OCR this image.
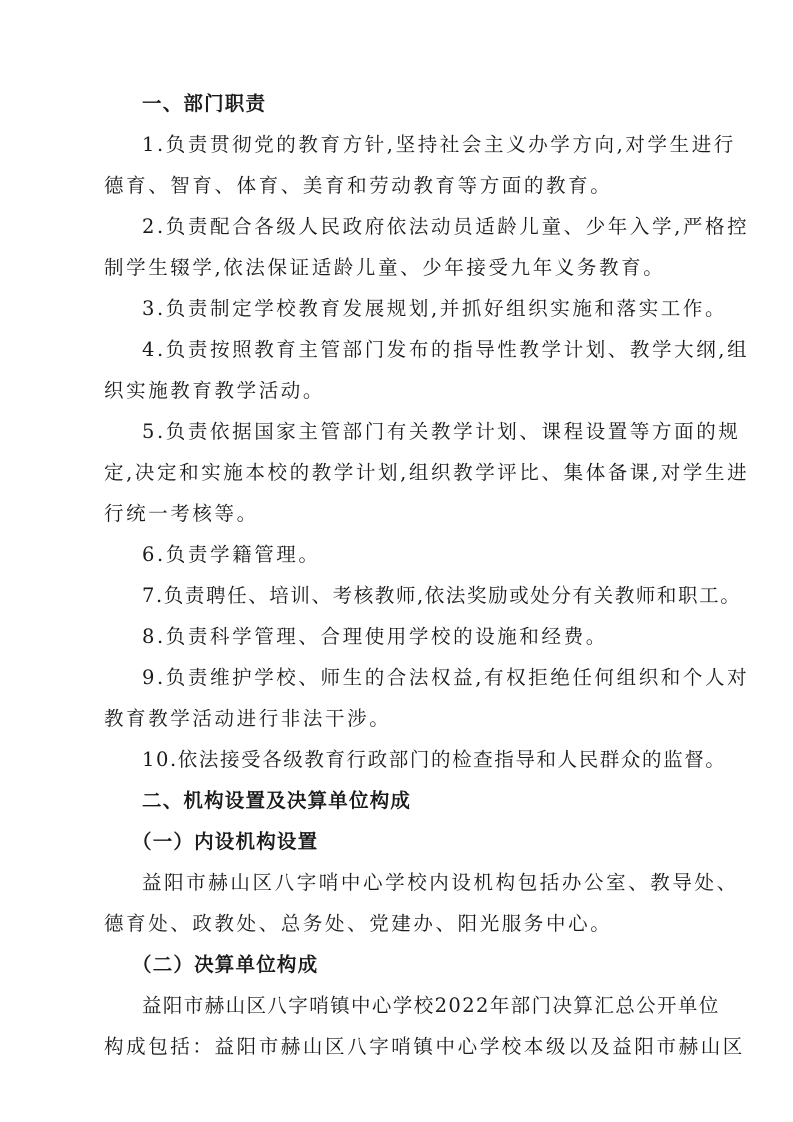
一、部门职责
1.负责贯彻党的教育方针,坚持社会主义办学方向,对学生进行
德育、智育、体育、美育和劳动教育等方面的教育。
2.负责配合各级人民政府依法动员适龄儿童、少年入学,严格控
制学生辍学,依法保证适龄儿童、少年接受九年义务教育。
3.负责制定学校教育发展规划,并抓好组织实施和落实工作。
4.负责按照教育主管部门发布的指导性教学计划、教学大纲,组
织实施教育教学活动。
5.负责依据国家主管部门有关教学计划、课程设置等方面的规
定,决定和实施本校的教学计划,组织教学评比、集体备课,对学生进
行统一考核等。
6.负责学籍管理。
7.负责聘任、培训、考核教师,依法奖励或处分有关教师和职工。
8.负责科学管理、合理使用学校的设施和经费。
9.负责维护学校、师生的合法权益,有权拒绝任何组织和个人对
教育教学活动进行非法干涉。
10.依法接受各级教育行政部门的检查指导和人民群众的监督。
二、机构设置及决算单位构成
（一）内设机构设置
益阳市赫山区八字哨中心学校内设机构包括办公室、教导处、
德育处、政教处、总务处、党建办、阳光服务中心。
（二）决算单位构成
益阳市赫山区八字哨镇中心学校2022年部门决算汇总公开单位
构成包括：益阳市赫山区八字哨镇中心学校本级以及益阳市赫山区
